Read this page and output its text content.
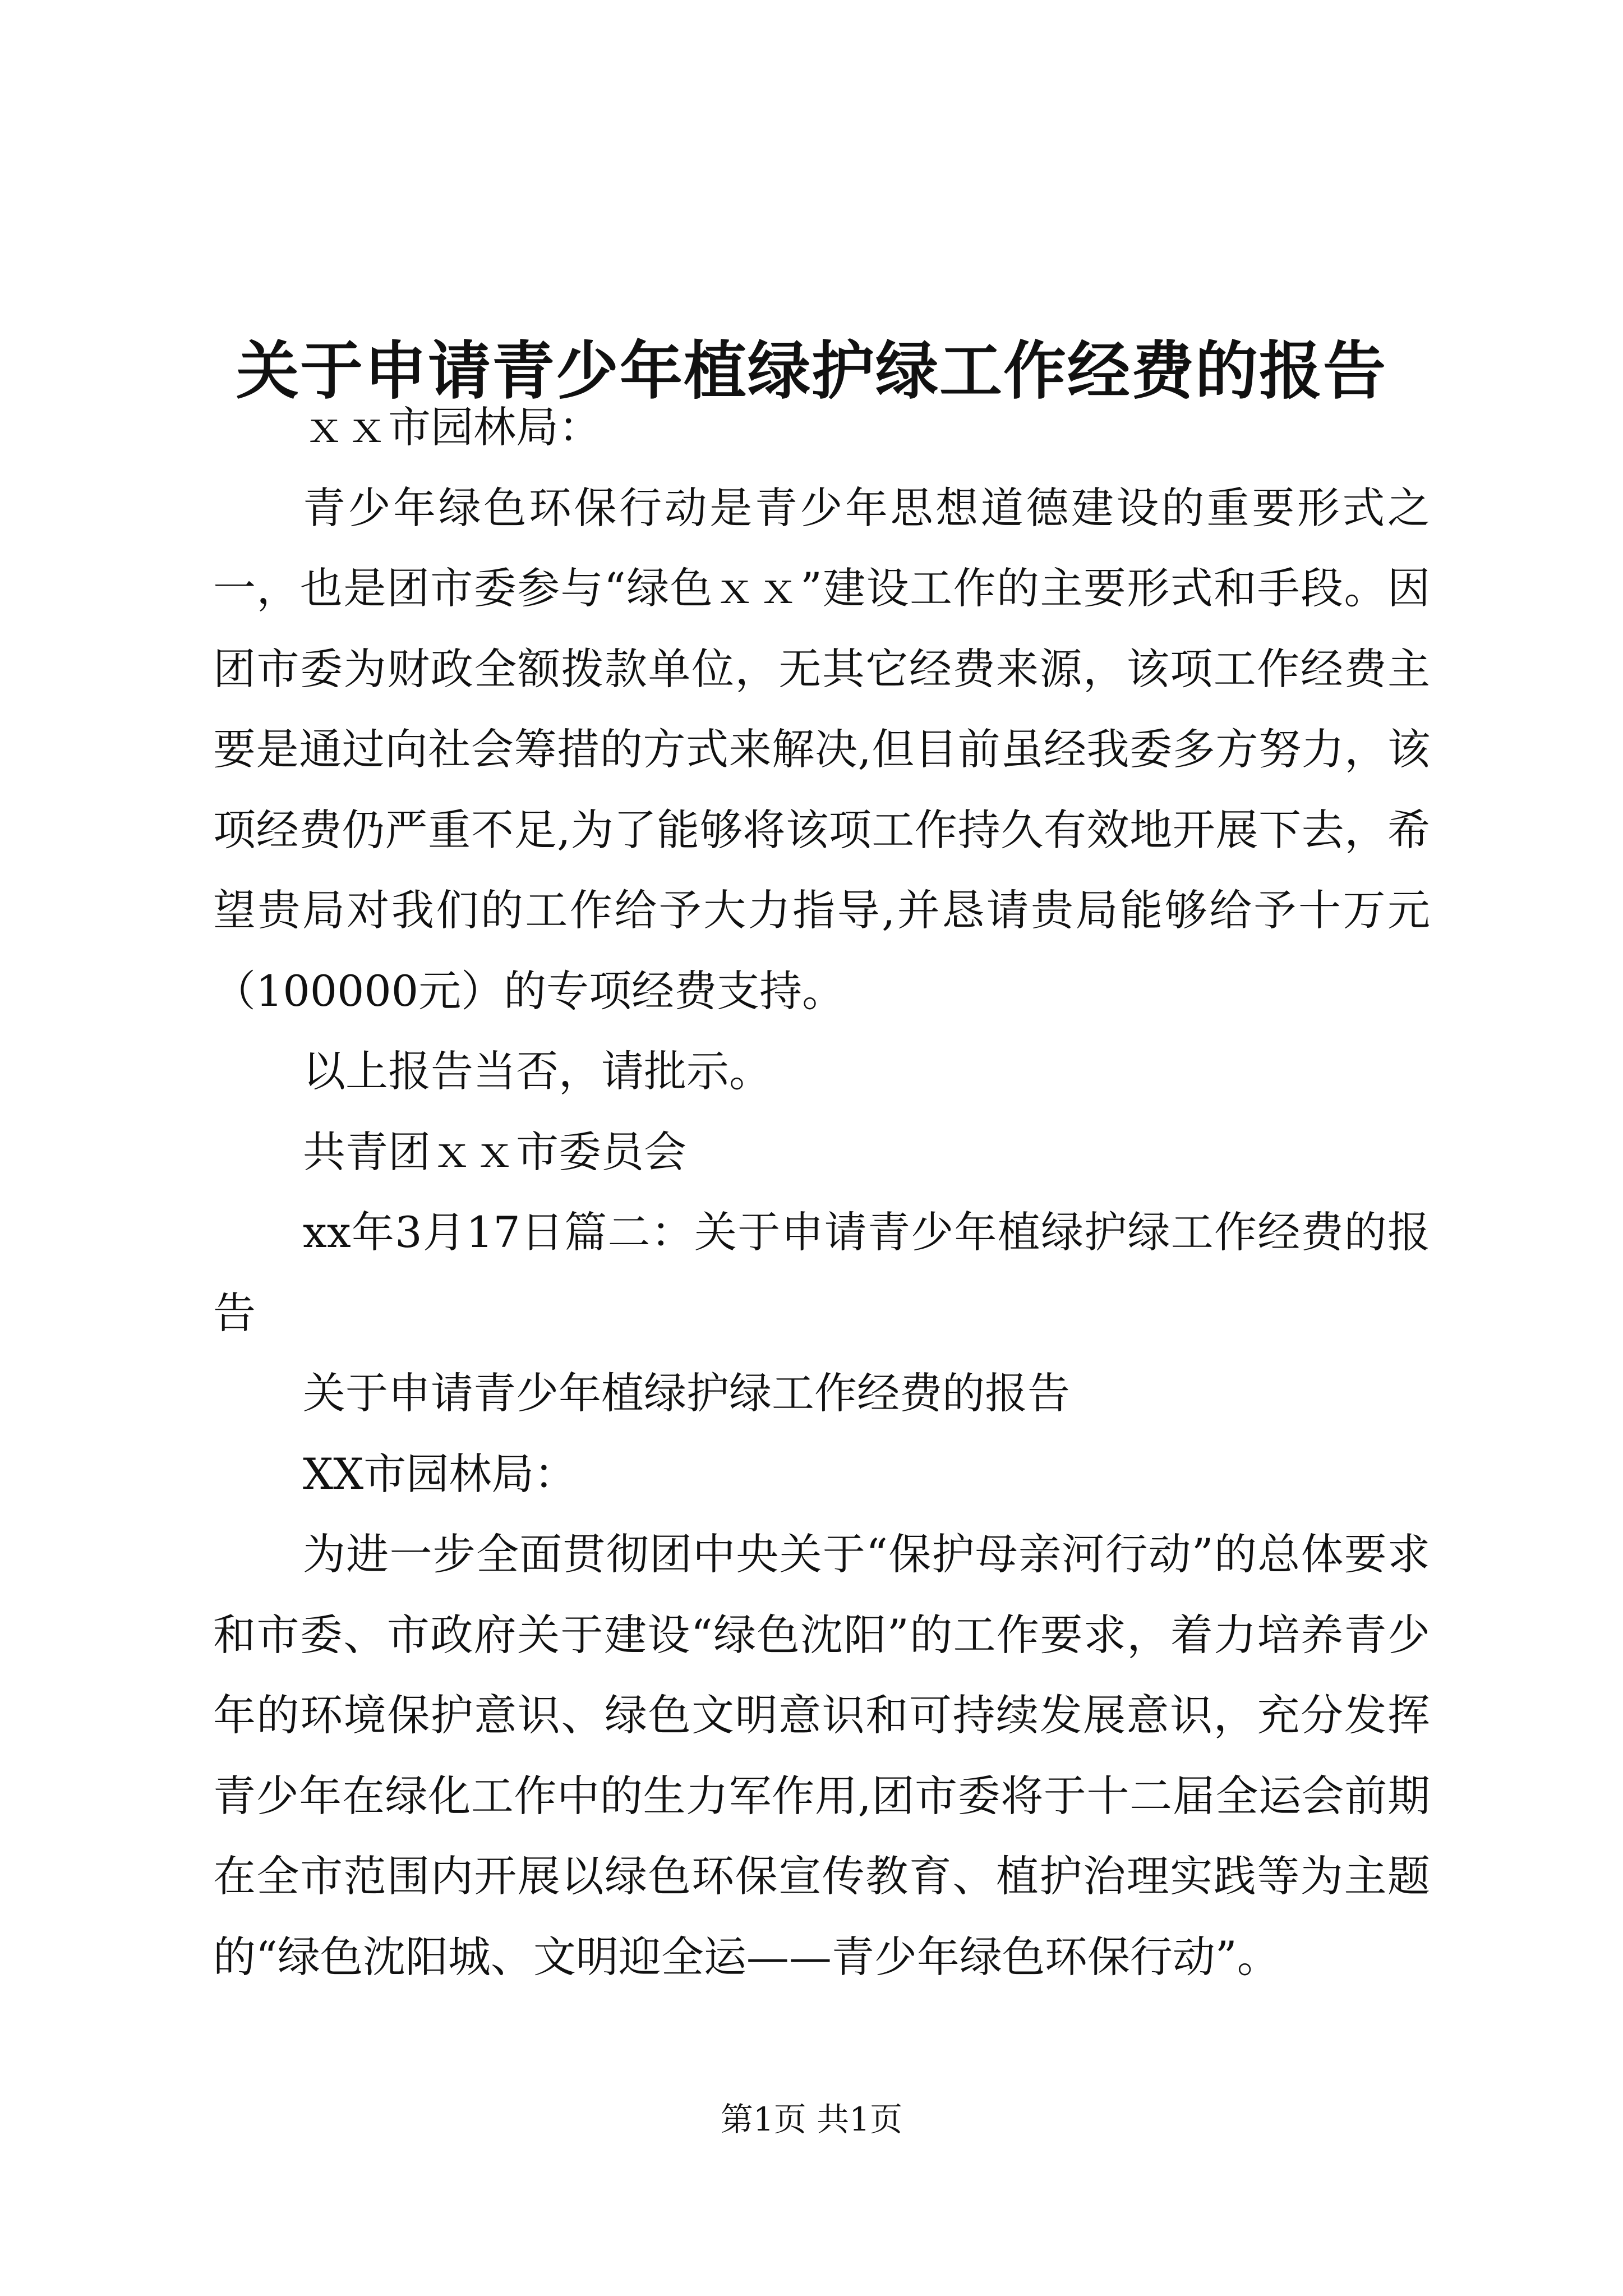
关于申请青少年植绿护绿工作经费的报告

ｘｘ市园林局：

青少年绿色环保行动是青少年思想道德建设的重要形式之一，也是团市委参与“绿色ｘｘ”建设工作的主要形式和手段。因团市委为财政全额拨款单位，无其它经费来源，该项工作经费主要是通过向社会筹措的方式来解决,但目前虽经我委多方努力，该项经费仍严重不足,为了能够将该项工作持久有效地开展下去，希望贵局对我们的工作给予大力指导,并恳请贵局能够给予十万元（100000元）的专项经费支持。

以上报告当否，请批示。

共青团ｘｘ市委员会

xx年3月17日篇二：关于申请青少年植绿护绿工作经费的报告

关于申请青少年植绿护绿工作经费的报告

XX市园林局：

为进一步全面贯彻团中央关于“保护母亲河行动”的总体要求和市委、市政府关于建设“绿色沈阳”的工作要求，着力培养青少年的环境保护意识、绿色文明意识和可持续发展意识，充分发挥青少年在绿化工作中的生力军作用,团市委将于十二届全运会前期在全市范围内开展以绿色环保宣传教育、植护治理实践等为主题的“绿色沈阳城、文明迎全运——青少年绿色环保行动”。

第1页 共1页
